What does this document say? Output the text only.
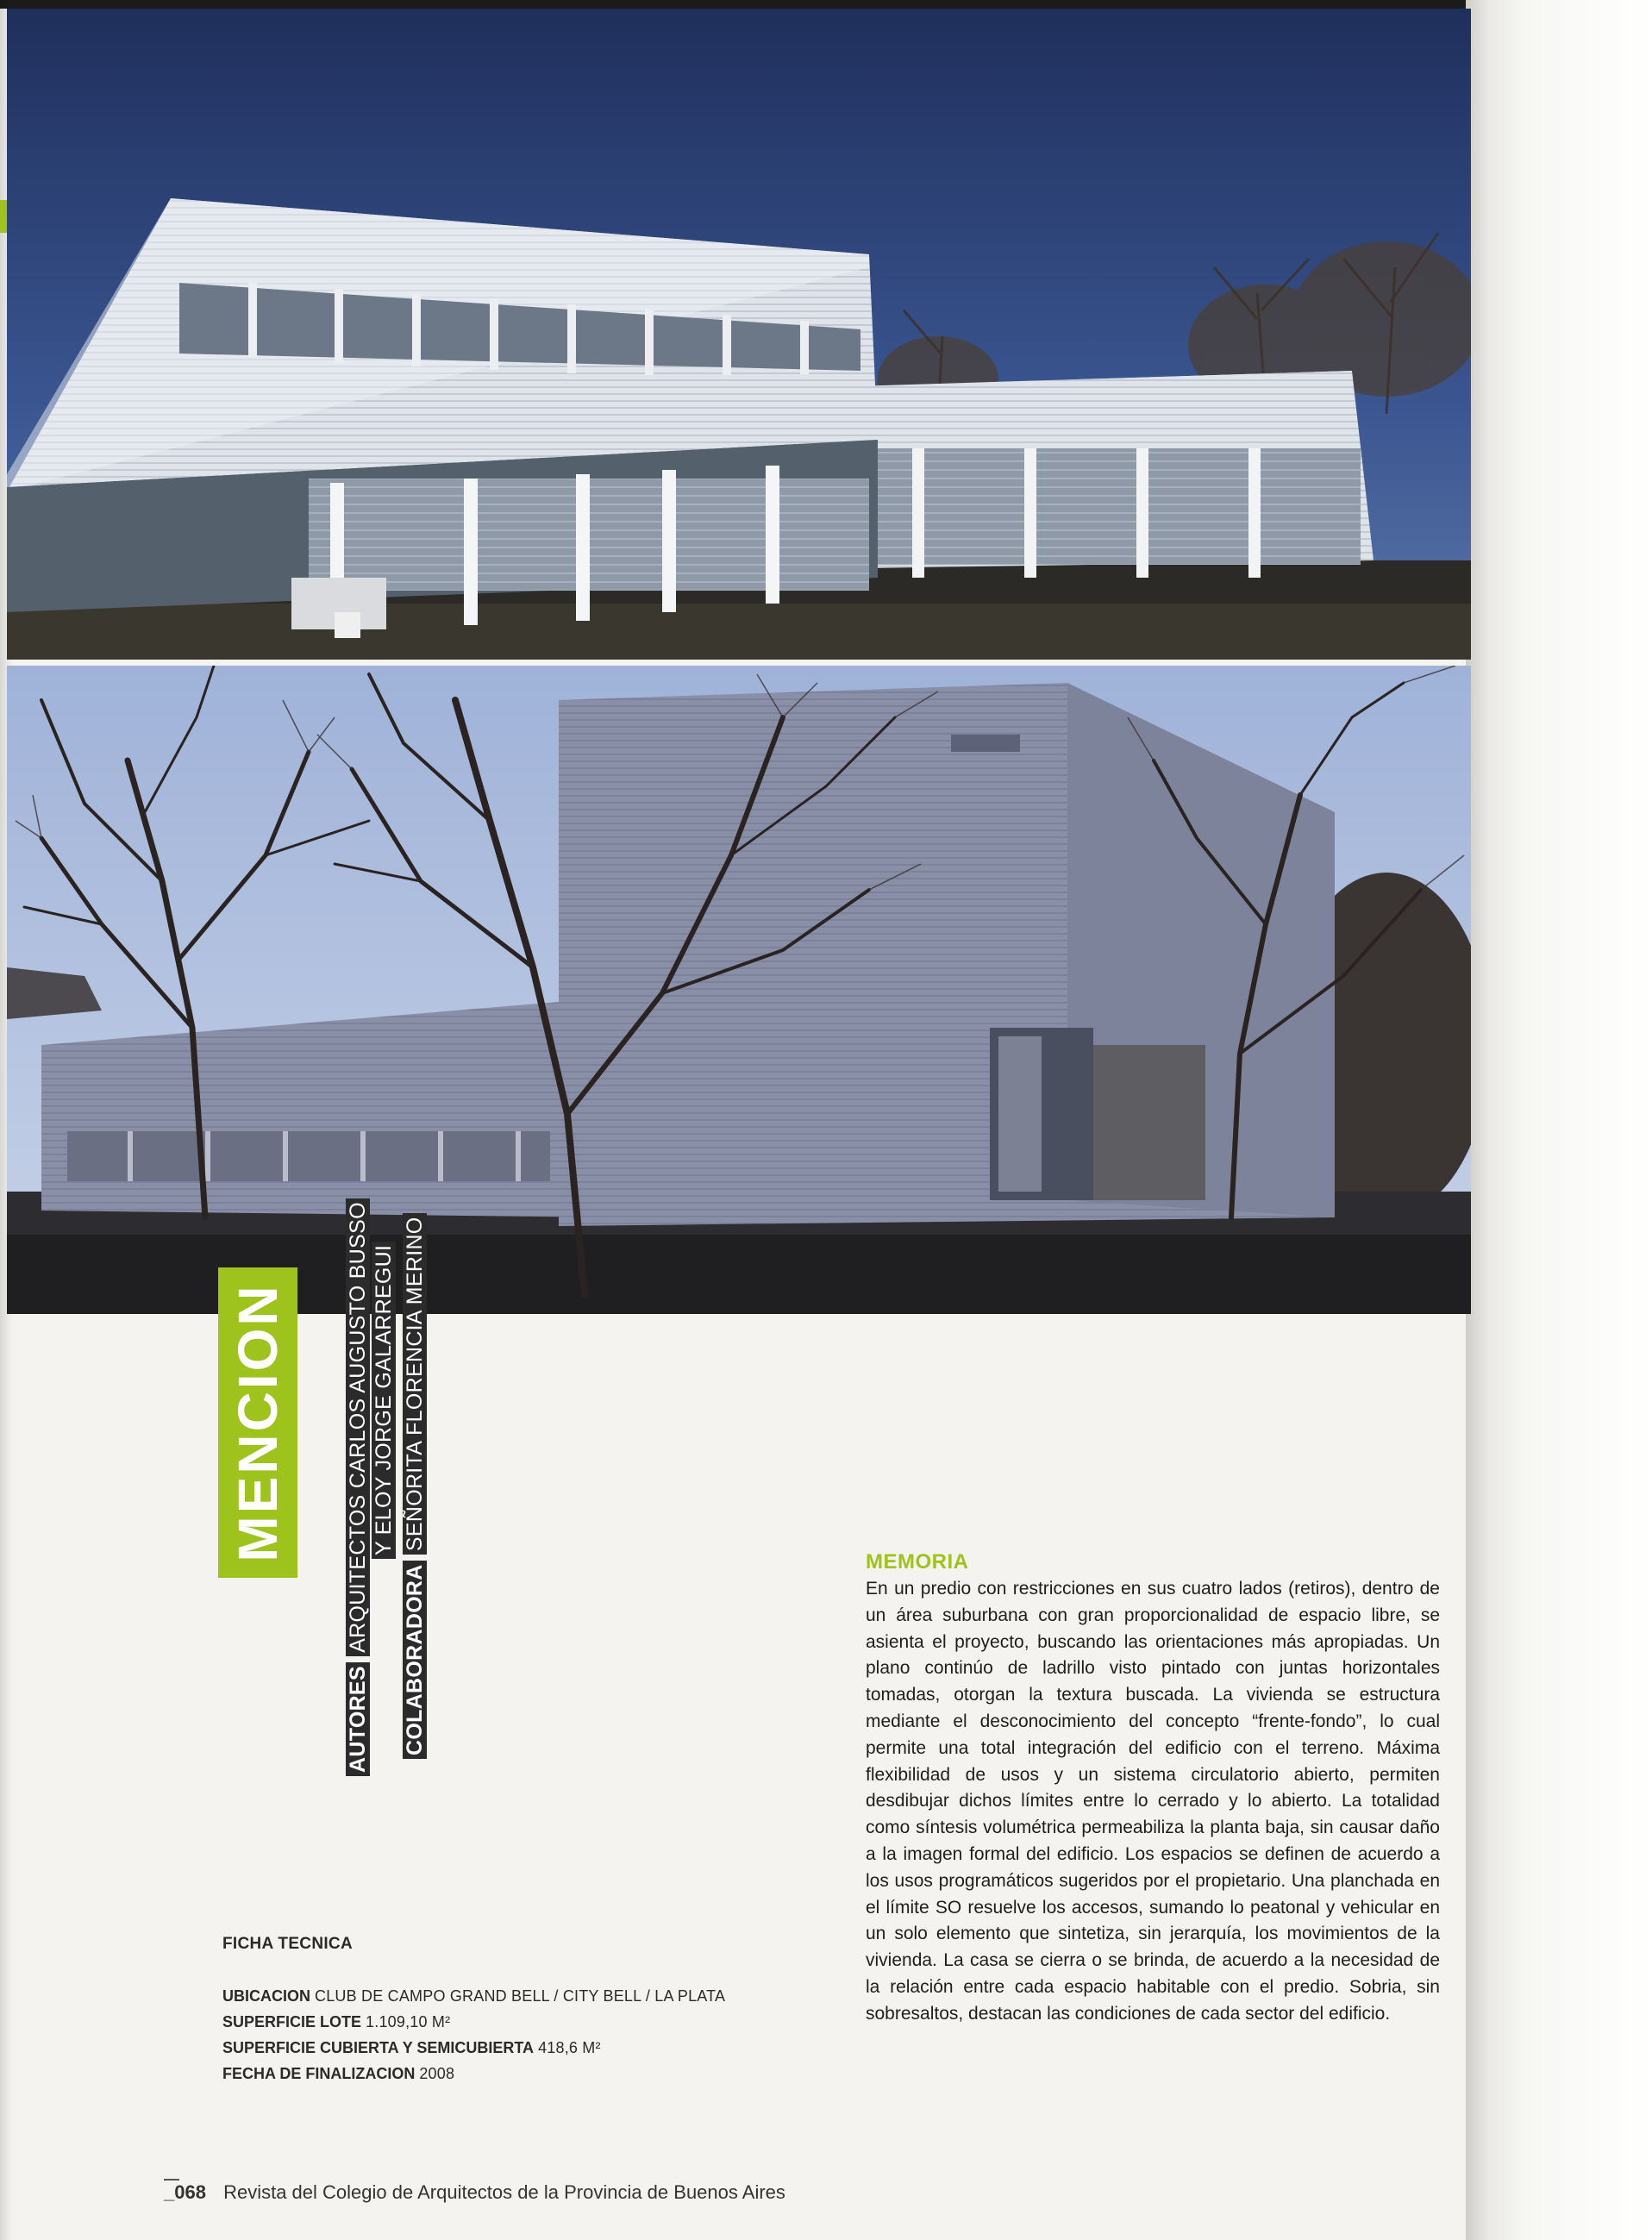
MENCION
AUTORES ARQUITECTOS CARLOS AUGUSTO BUSSO Y ELOY JORGE GALARREGUI
COLABORADORA SEÑORITA FLORENCIA MERINO
FICHA TECNICA
UBICACION CLUB DE CAMPO GRAND BELL / CITY BELL / LA PLATA
SUPERFICIE LOTE 1.109,10 M²
SUPERFICIE CUBIERTA Y SEMICUBIERTA 418,6 M²
FECHA DE FINALIZACION 2008
MEMORIA
En un predio con restricciones en sus cuatro lados (retiros), dentro de un área suburbana con gran proporcionalidad de espacio libre, se asienta el proyecto, buscando las orientaciones más apropiadas. Un plano continúo de ladrillo visto pintado con juntas horizontales tomadas, otorgan la textura buscada. La vivienda se estructura mediante el desconocimiento del concepto “frente-fondo”, lo cual permite una total integración del edificio con el terreno. Máxima flexibilidad de usos y un sistema circulatorio abierto, permiten desdibujar dichos límites entre lo cerrado y lo abierto. La totalidad como síntesis volumétrica permeabiliza la planta baja, sin causar daño a la imagen formal del edificio. Los espacios se definen de acuerdo a los usos programáticos sugeridos por el propietario. Una planchada en el límite SO resuelve los accesos, sumando lo peatonal y vehicular en un solo elemento que sintetiza, sin jerarquía, los movimientos de la vivienda. La casa se cierra o se brinda, de acuerdo a la necesidad de la relación entre cada espacio habitable con el predio. Sobria, sin sobresaltos, destacan las condiciones de cada sector del edificio.
_068 Revista del Colegio de Arquitectos de la Provincia de Buenos Aires
